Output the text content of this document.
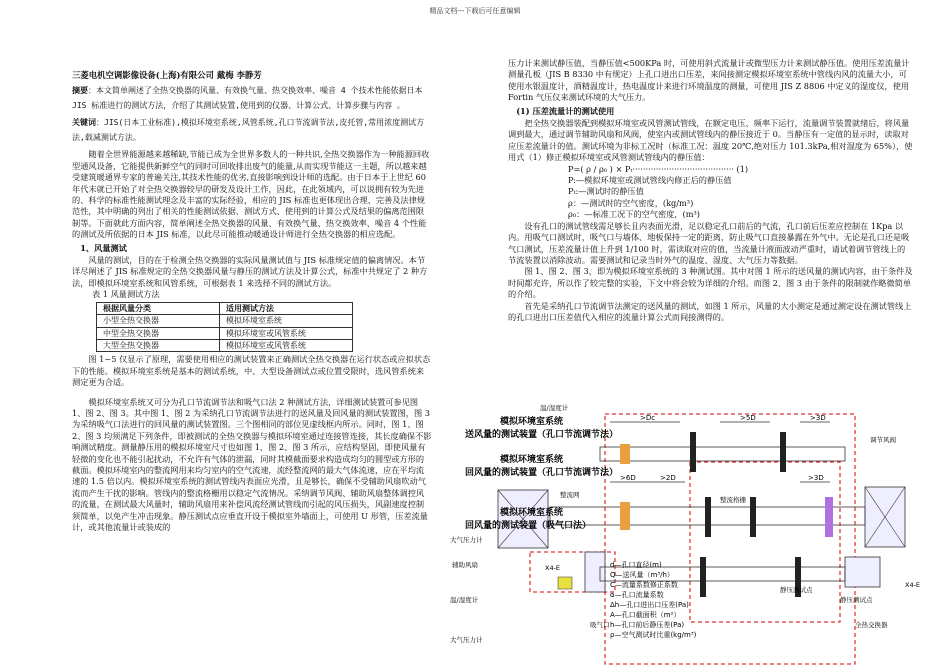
精品文档---下载后可任意编辑
三菱电机空调影像设备(上海)有限公司 戴梅 李静芳
摘要：本文简单阐述了全热交换器的风量、有效换气量、热交换效率、噪音 4 个技术性能依据日本 JIS 标准进行的测试方法，介绍了其测试装置,使用到的仪器、计算公式、计算步骤与内容 。
关键词：JIS(日本工业标准),模拟环境室系统,风管系统,孔口节流调节法,皮托管,常用浓度测试方法,载减测试方法。

随着全世界能源越来越稀缺,节能已成为全世界多数人的一种共识,全热交换器作为一种能源回收型通风设备，它能提供新鲜空气的同时可回收排出废气的能量,从而实现节能这一主题，所以越来越受建筑暖通界专家的普遍关注,其技术性能的优劣,直接影响到设计师的选配。由于日本于上世纪 60 年代末就已开始了对全热交换器较早的研发及设计工作，因此，在此领域内，可以说拥有较为先进的、科学的标准性能测试理念及丰富的实际经验，相应的 JIS 标准也更体现出合理、完善及法律规范性，其中明确的列出了相关的性能测试依据、测试方式、使用到的计算公式及结果的偏离范围限制等。下面就此方面内容，简单阐述全热交换器的风量、有效换气量、热交换效率、噪音 4 个性能的测试及所依据的日本 JIS 标准，以此尽可能推动暖通设计师进行全热交换器的相应选配。

1、风量测试

风量的测试，目的在于检测全热交换器的实际风量测试值与 JIS 标准规定值的偏离情况。本节详尽阐述了 JIS 标准规定的全热交换器风量与静压的测试方法及计算公式，标准中共规定了 2 种方法，即模拟环境室系统和风管系统，可根据表 1 来选择不同的测试方法。

表 1 风量测试方法
根据风量分类	适用测试方法
小型全热交换器	模拟环境室系统
中型全热交换器	模拟环境室或风管系统
大型全热交换器	模拟环境室或风管系统

图 1~5 仅显示了原理，需要使用相应的测试装置来正确测试全热交换器在运行状态或应拟状态下的性能。模拟环境室系统是基本的测试系统，中、大型设备测试点或位置受限时，选风管系统来测定更为合适。

模拟环境室系统又可分为孔口节流调节法和吸气口法 2 种测试方法，详细测试装置可参见图 1、图 2、图 3。其中图 1、图 2 为采纳孔口节流调节法进行的送风量及回风量的测试装置图，图 3 为采纳吸气口法进行的回风量的测试装置图。三个图相同的部位见虚线框内所示。同时，图 1、图 2、图 3 均须满足下列条件，即被测试的全热交换器与模拟环境室通过连接管连接，其长度确保不影响测试精度。测量静压用的模拟环境室尺寸也如图 1、图 2、图 3 所示，应结构坚固，即使风量有轻微的变化也不能引起扰动，不允许有气体的泄漏，同时其模截面要求构造成均匀的圆型或方形的截面。模拟环境室内的整流网用来均匀室内的空气流速，流经整流网的最大气体流速，应在平均流速的 1.5 倍以内。模拟环境室系统的测试管线内表面应光滑，且是够长，确保不受辅助风扇吹动气流而产生干扰的影响。管线内的整流格栅用以稳定气流情况。采纳调节风阀、辅助风扇整体调控风的流量，在测试最大风量时，辅助风扇用来补偿风流经测试管线而引起的风压损失，风副速度控制须简单，以免产生冲击现象。静压测试点应垂直开设于模拟室外墙面上，可使用 U 形管，压差流量计，或其他流量计或装成的

压力计来测试静压值，当静压值<500KPa 时，可使用斜式流量计或微型压力计来测试静压值。使用压差流量计测量孔板（JIS B 8330 中有规定）上孔口进出口压差，来间接测定模拟环境室系统中管线内风的流量大小，可使用水银温度计，酒精温度计，热电温度计来进行环境温度的测量，可使用 JIS Z 8806 中定义的湿度仪，使用 Fortin 气压仪来测试环境的大气压力。

(1) 压差流量计的测试使用

把全热交换器装配到模拟环境室或风管测试管线，在额定电压、频率下运行，流量调节装置就绪后，将风量调到最大，通过调节辅助风扇和风阀，使室内或测试管线内的静压接近于 0。当静压有一定值的显示时，读取对应压差流量计的值。测试环境为非标工况时（标准工况：温度 20℃,绝对压力 101.3kPa,相对湿度为 65%），使用式（1）修正模拟环境室或风管测试管线内的静压值：

P=( ρ / ρ₀ ) × Pₜ······································· (1)
P:—模拟环境室或测试管线内修正后的静压值
Pₜ:—测试时的静压值
ρ：—测试时的空气密度，(kg/m³)
ρ₀：—标准工况下的空气密度，(m³)

设有孔口的测试管线需足够长且内表面光滑，足以稳定孔口前后的气流，孔口前后压差应控制在 1Kpa 以内。用吸气口测试时，吸气口与墙体、地板保持一定的距离，防止吸气口直接暴露在外气中。无论是孔口还是吸气口测试，压差流量计值上升到 1/100 时，需读取对应的值，当流量计液面波动严重时，请试着调节管线上的节流装置以消除波动。需要测试和记录当时外气的温度、湿度、大气压力等数据。

图 1、图 2、图 3，即为模拟环境室系统的 3 种测试图。其中对图 1 所示的送风量的测试内容，由于条件及时间都充许，所以作了较完整的实验，下文中将会较为详细的介绍。而图 2、图 3 由于条件的限制就作略微简单的介绍。

首先是采纳孔口节流调节法测定的送风量的测试，如图 1 所示，风量的大小测定是通过测定设在测试管线上的孔口进出口压差值代入相应的流量计算公式而间接测得的。

>Dc	>5D	>3D
>6D	>2D	>3D
模拟环境室系统
送风量的测试装置（孔口节流调节法）
模拟环境室系统
回风量的测试装置（孔口节流调节法）
模拟环境室系统
回风量的测试装置（吸气口法）
温/湿度计
大气压力计
辅助风扇
温/湿度计
大气压力计
吸气口
整流网
整流格栅
静压测试点
调节风阀
静压测试点
全热交换器
X4-E
X4-E	d—孔口直径(m)
Q—送风量（m³/h）
C—流量系数修正系数
α—孔口流量系数
Δh—孔口进出口压差(Pa)
A—孔口截面积（m²）
h—孔口前后静压差(Pa)
ρ—空气测试时比重(kg/m³)
